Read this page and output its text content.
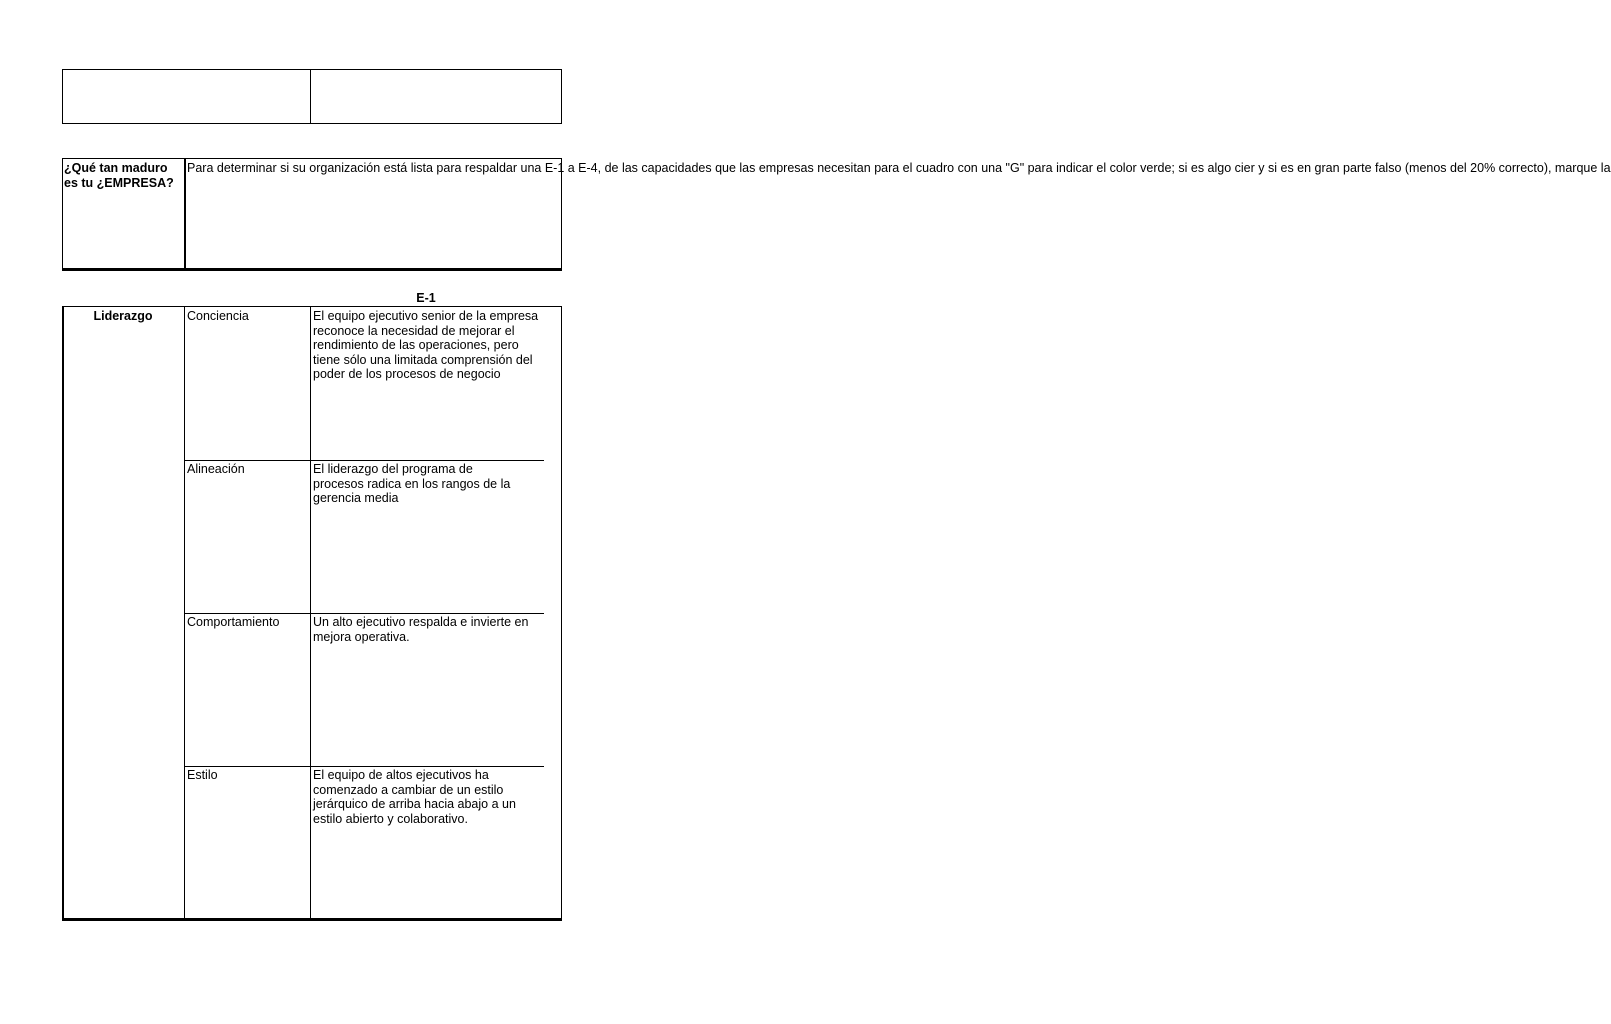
¿Qué tan maduro es tu ¿EMPRESA?
Para determinar si su organización está lista para respaldar una E-1 a E-4, de las capacidades que las empresas necesitan para el cuadro con una "G" para indicar el color verde; si es algo cier y si es en gran parte falso (menos del 20% correcto), marque la
E-1
Liderazgo	Conciencia	El equipo ejecutivo senior de la empresa reconoce la necesidad de mejorar el rendimiento de las operaciones, pero tiene sólo una limitada comprensión del poder de los procesos de negocio
Alineación	El liderazgo del programa de procesos radica en los rangos de la gerencia media
Comportamiento	Un alto ejecutivo respalda e invierte en mejora operativa.
Estilo	El equipo de altos ejecutivos ha comenzado a cambiar de un estilo jerárquico de arriba hacia abajo a un estilo abierto y colaborativo.
